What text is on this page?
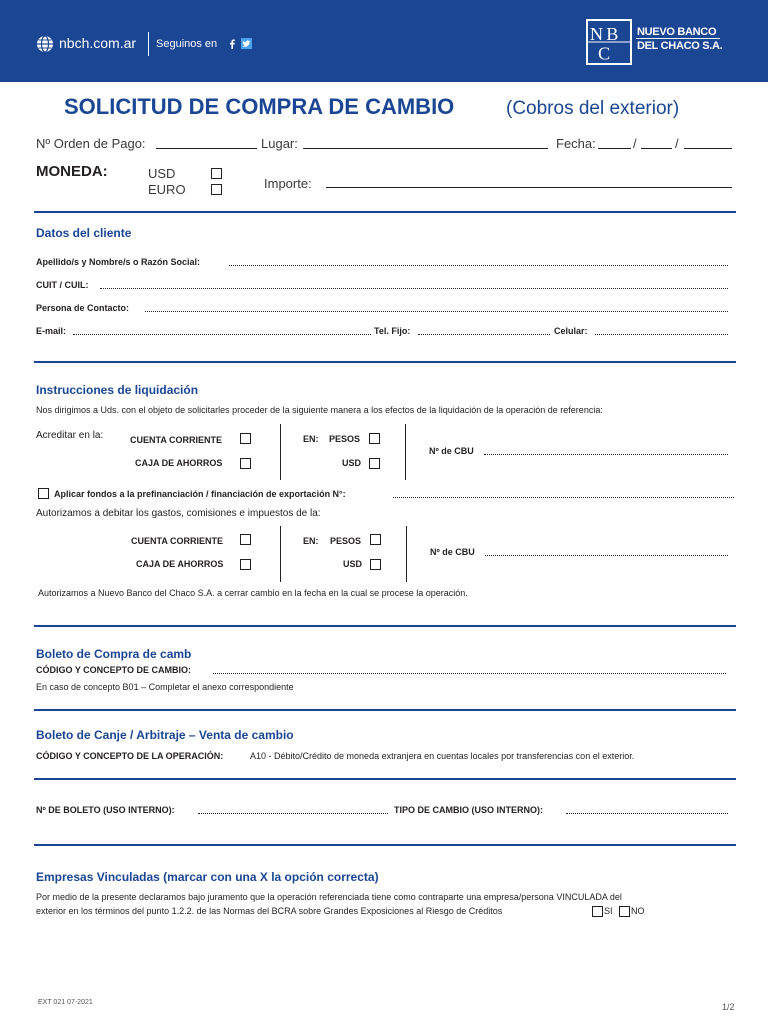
nbch.com.ar Seguinos en	N B
C
NUEVO BANCO
DEL CHACO S.A.
SOLICITUD DE COMPRA DE CAMBIO	(Cobros del exterior)
Nº Orden de Pago:	Lugar:	Fecha:	/	/
MONEDA:	USD
EURO	Importe:
Datos del cliente
Apellido/s y Nombre/s o Razón Social:
CUIT / CUIL:
Persona de Contacto:
E-mail:	Tel. Fijo:	Celular:
Instrucciones de liquidación
Nos dirigimos a Uds. con el objeto de solicitarles proceder de la siguiente manera a los efectos de la liquidación de la operación de referencia:
Acreditar en la:	CUENTA CORRIENTE
CAJA DE AHORROS
EN: PESOS
USD
Nº de CBU
Aplicar fondos a la prefinanciación / financiación de exportación N°:
Autorizamos a debitar los gastos, comisiones e impuestos de la:
CUENTA CORRIENTE
CAJA DE AHORROS
EN: PESOS
USD
Nº de CBU
Autorizamos a Nuevo Banco del Chaco S.A. a cerrar cambio en la fecha en la cual se procese la operación.
Boleto de Compra de camb
CÓDIGO Y CONCEPTO DE CAMBIO:
En caso de concepto B01 – Completar el anexo correspondiente
Boleto de Canje / Arbitraje – Venta de cambio
CÓDIGO Y CONCEPTO DE LA OPERACIÓN:	A10 - Débito/Crédito de moneda extranjera en cuentas locales por transferencias con el exterior.
Nº DE BOLETO (USO INTERNO):	TIPO DE CAMBIO (USO INTERNO):
Empresas Vinculadas (marcar con una X la opción correcta)
Por medio de la presente declaramos bajo juramento que la operación referenciada tiene como contraparte una empresa/persona VINCULADA del
exterior en los términos del punto 1.2.2. de las Normas del BCRA sobre Grandes Exposiciones al Riesgo de Créditos	SI NO
EXT 021 07-2021	1/2
